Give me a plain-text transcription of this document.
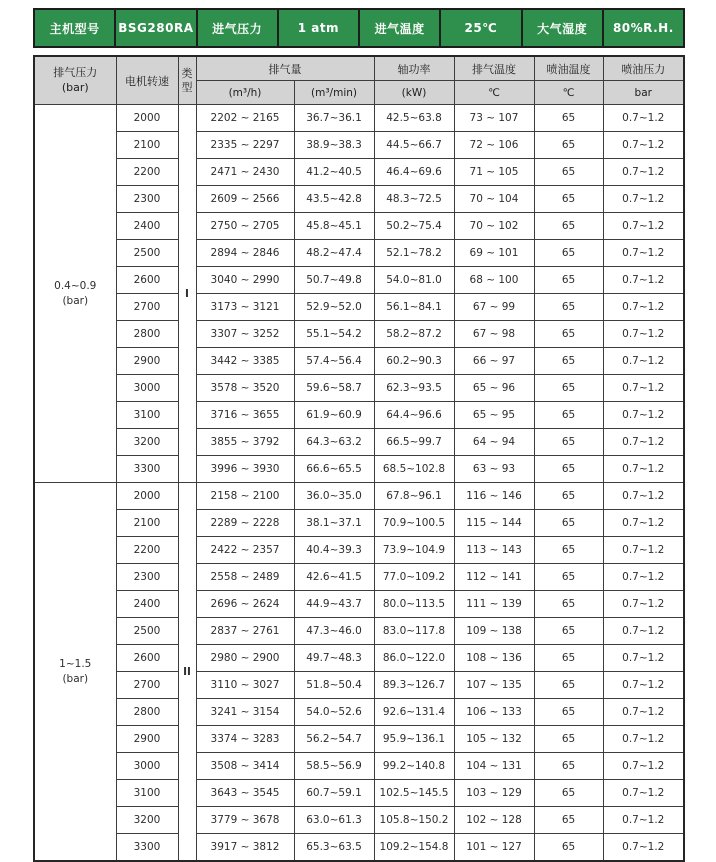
主机型号	BSG280RA	进气压力	1 atm	进气温度	25℃	大气湿度	80%R.H.
排气压力
(bar)	电机转速	类型	排气量		轴功率	排气温度	喷油温度	喷油压力
			(m³/h)	(m³/min)	(kW)	℃	℃	bar

0.4~0.9
(bar)	2000	I	2202 ~ 2165	36.7~36.1	42.5~63.8	73 ~ 107	65	0.7~1.2
	2100		2335 ~ 2297	38.9~38.3	44.5~66.7	72 ~ 106	65	0.7~1.2
	2200		2471 ~ 2430	41.2~40.5	46.4~69.6	71 ~ 105	65	0.7~1.2
	2300		2609 ~ 2566	43.5~42.8	48.3~72.5	70 ~ 104	65	0.7~1.2
	2400		2750 ~ 2705	45.8~45.1	50.2~75.4	70 ~ 102	65	0.7~1.2
	2500		2894 ~ 2846	48.2~47.4	52.1~78.2	69 ~ 101	65	0.7~1.2
	2600		3040 ~ 2990	50.7~49.8	54.0~81.0	68 ~ 100	65	0.7~1.2
	2700		3173 ~ 3121	52.9~52.0	56.1~84.1	67 ~ 99	65	0.7~1.2
	2800		3307 ~ 3252	55.1~54.2	58.2~87.2	67 ~ 98	65	0.7~1.2
	2900		3442 ~ 3385	57.4~56.4	60.2~90.3	66 ~ 97	65	0.7~1.2
	3000		3578 ~ 3520	59.6~58.7	62.3~93.5	65 ~ 96	65	0.7~1.2
	3100		3716 ~ 3655	61.9~60.9	64.4~96.6	65 ~ 95	65	0.7~1.2
	3200		3855 ~ 3792	64.3~63.2	66.5~99.7	64 ~ 94	65	0.7~1.2
	3300		3996 ~ 3930	66.6~65.5	68.5~102.8	63 ~ 93	65	0.7~1.2

1~1.5
(bar)	2000	II	2158 ~ 2100	36.0~35.0	67.8~96.1	116 ~ 146	65	0.7~1.2
	2100		2289 ~ 2228	38.1~37.1	70.9~100.5	115 ~ 144	65	0.7~1.2
	2200		2422 ~ 2357	40.4~39.3	73.9~104.9	113 ~ 143	65	0.7~1.2
	2300		2558 ~ 2489	42.6~41.5	77.0~109.2	112 ~ 141	65	0.7~1.2
	2400		2696 ~ 2624	44.9~43.7	80.0~113.5	111 ~ 139	65	0.7~1.2
	2500		2837 ~ 2761	47.3~46.0	83.0~117.8	109 ~ 138	65	0.7~1.2
	2600		2980 ~ 2900	49.7~48.3	86.0~122.0	108 ~ 136	65	0.7~1.2
	2700		3110 ~ 3027	51.8~50.4	89.3~126.7	107 ~ 135	65	0.7~1.2
	2800		3241 ~ 3154	54.0~52.6	92.6~131.4	106 ~ 133	65	0.7~1.2
	2900		3374 ~ 3283	56.2~54.7	95.9~136.1	105 ~ 132	65	0.7~1.2
	3000		3508 ~ 3414	58.5~56.9	99.2~140.8	104 ~ 131	65	0.7~1.2
	3100		3643 ~ 3545	60.7~59.1	102.5~145.5	103 ~ 129	65	0.7~1.2
	3200		3779 ~ 3678	63.0~61.3	105.8~150.2	102 ~ 128	65	0.7~1.2
	3300		3917 ~ 3812	65.3~63.5	109.2~154.8	101 ~ 127	65	0.7~1.2
